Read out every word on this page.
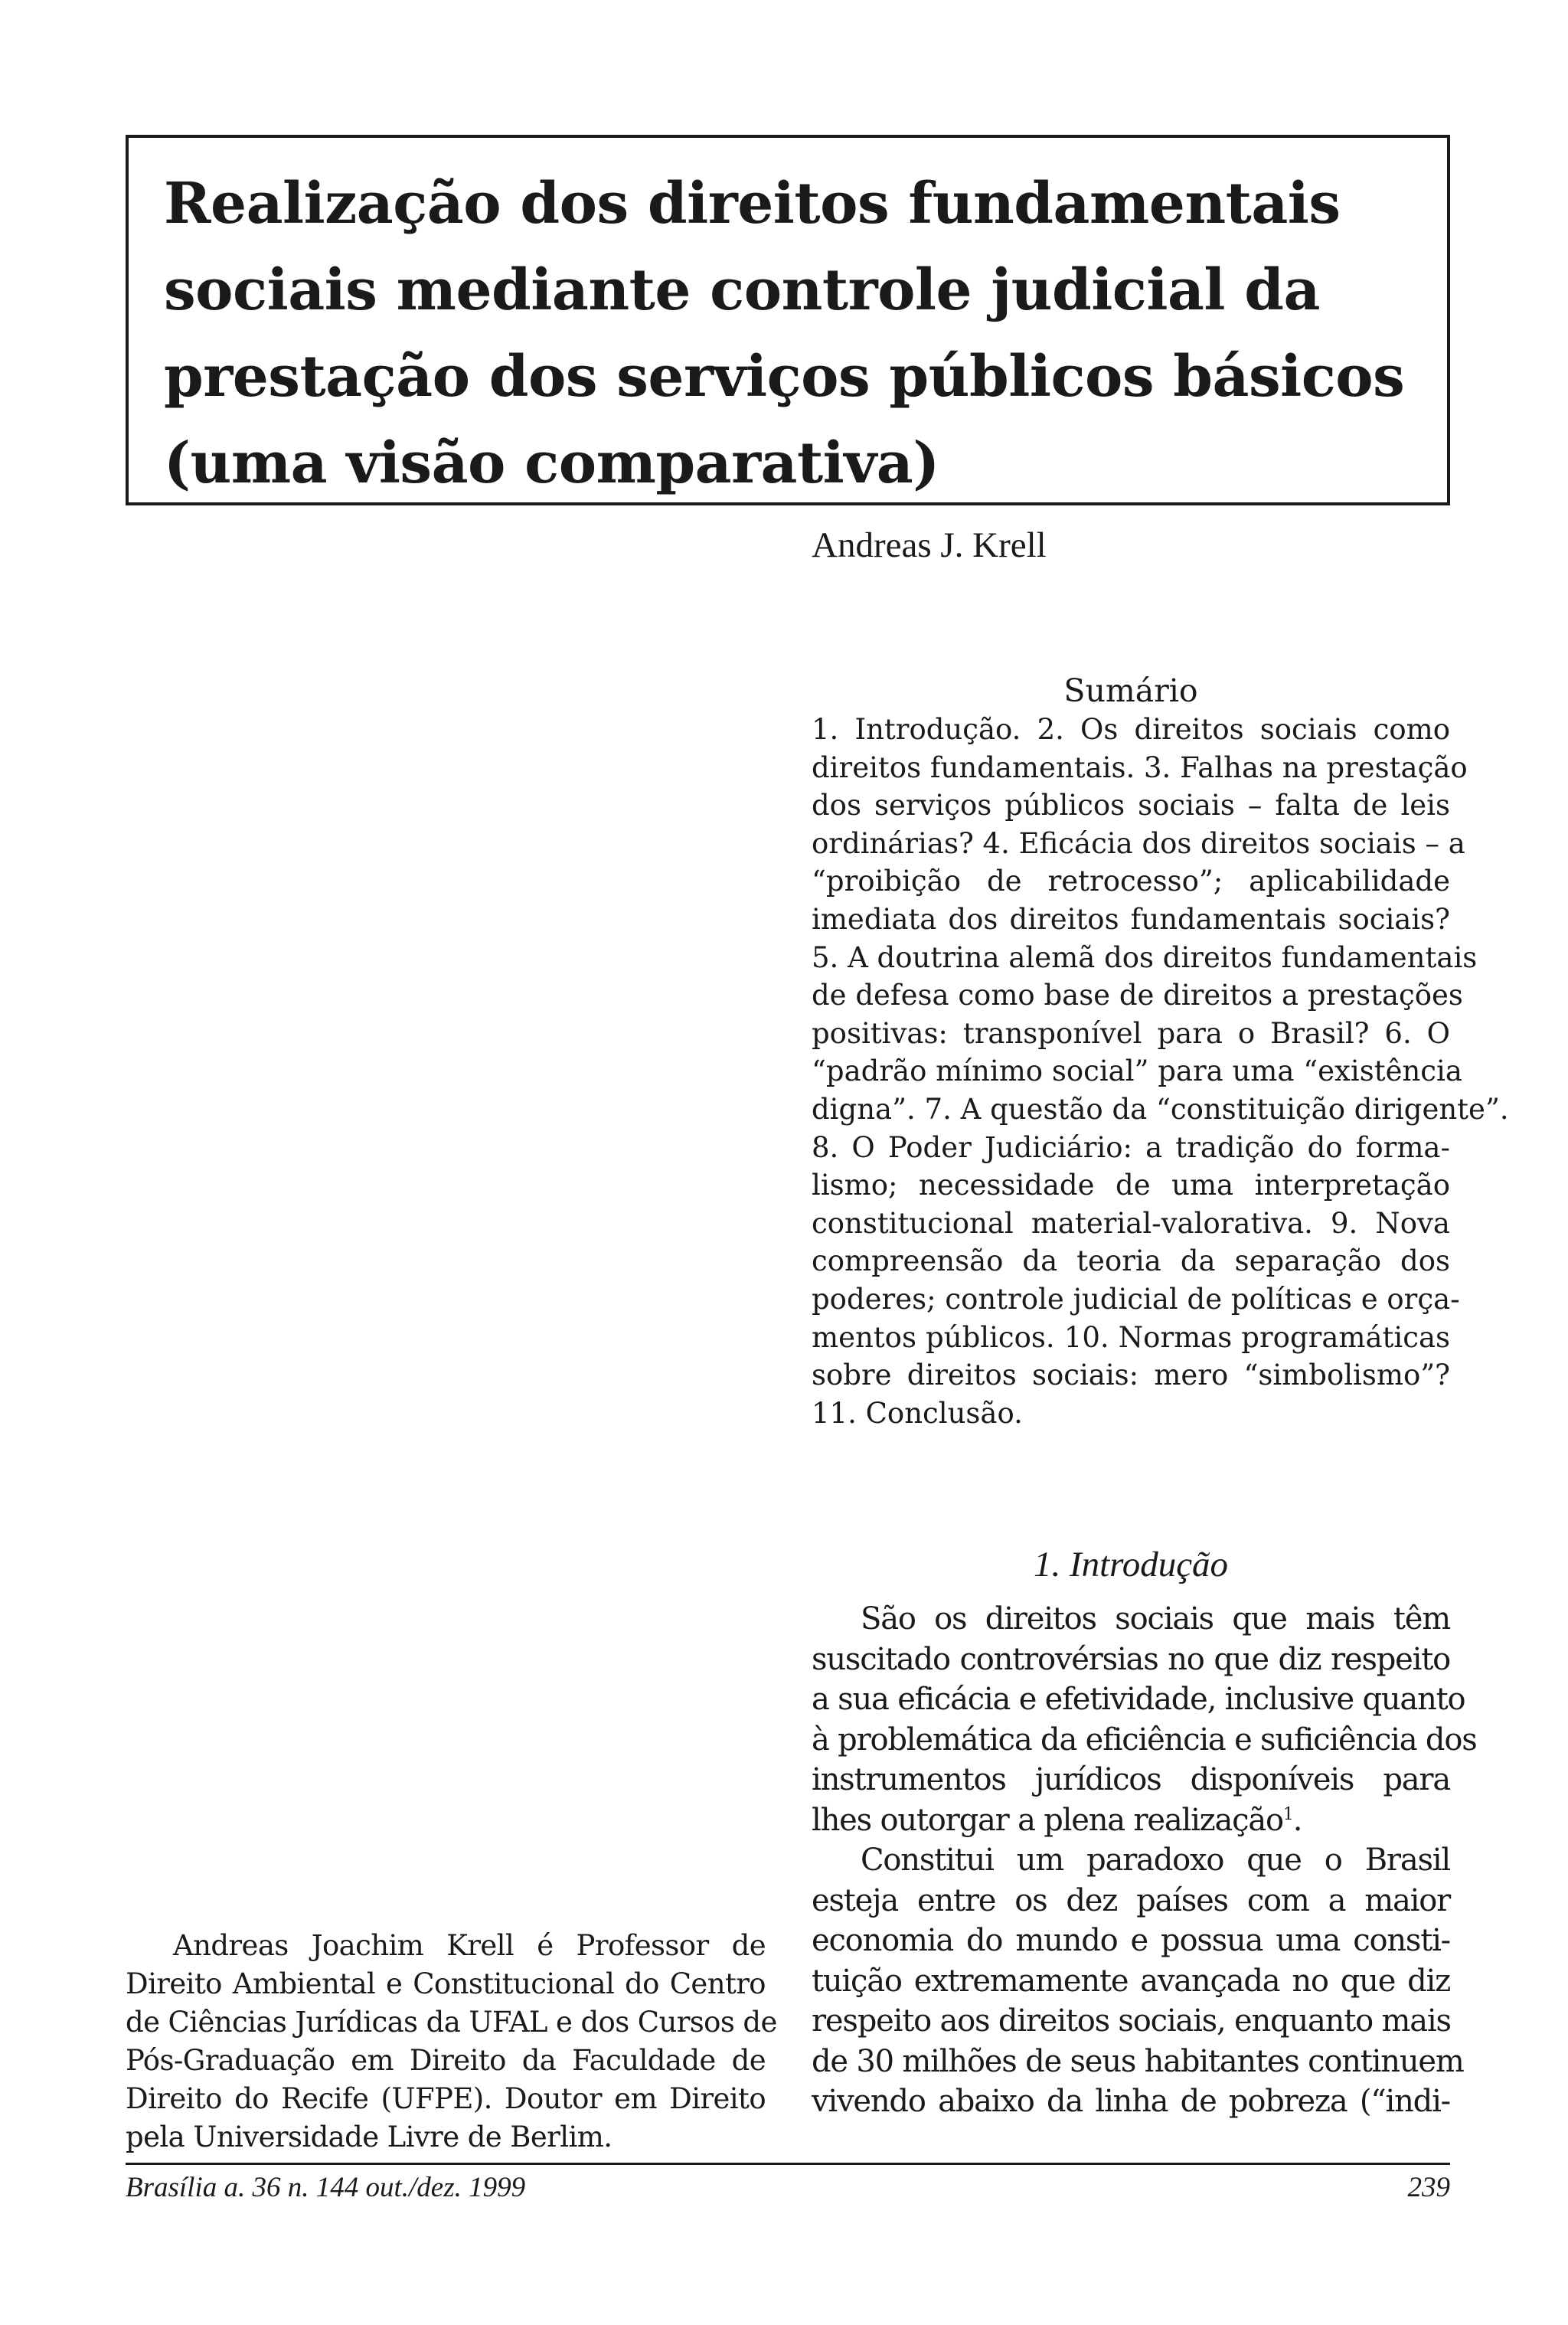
Realização dos direitos fundamentais
sociais mediante controle judicial da
prestação dos serviços públicos básicos
(uma visão comparativa)
Andreas J. Krell
Sumário
1. Introdução. 2. Os direitos sociais como
direitos fundamentais. 3. Falhas na prestação
dos serviços públicos sociais – falta de leis
ordinárias? 4. Eficácia dos direitos sociais – a
“proibição de retrocesso”; aplicabilidade
imediata dos direitos fundamentais sociais?
5. A doutrina alemã dos direitos fundamentais
de defesa como base de direitos a prestações
positivas: transponível para o Brasil? 6. O
“padrão mínimo social” para uma “existência
digna”. 7. A questão da “constituição dirigente”.
8. O Poder Judiciário: a tradição do forma-
lismo; necessidade de uma interpretação
constitucional material-valorativa. 9. Nova
compreensão da teoria da separação dos
poderes; controle judicial de políticas e orça-
mentos públicos. 10. Normas programáticas
sobre direitos sociais: mero “simbolismo”?
11. Conclusão.
1. Introdução
São os direitos sociais que mais têm
suscitado controvérsias no que diz respeito
a sua eficácia e efetividade, inclusive quanto
à problemática da eficiência e suficiência dos
instrumentos jurídicos disponíveis para
lhes outorgar a plena realização$^1$.
Constitui um paradoxo que o Brasil
esteja entre os dez países com a maior
economia do mundo e possua uma consti-
tuição extremamente avançada no que diz
respeito aos direitos sociais, enquanto mais
de 30 milhões de seus habitantes continuem
vivendo abaixo da linha de pobreza (“indi-
Andreas Joachim Krell é Professor de
Direito Ambiental e Constitucional do Centro
de Ciências Jurídicas da UFAL e dos Cursos de
Pós-Graduação em Direito da Faculdade de
Direito do Recife (UFPE). Doutor em Direito
pela Universidade Livre de Berlim.
Brasília a. 36 n. 144 out./dez. 1999	239
